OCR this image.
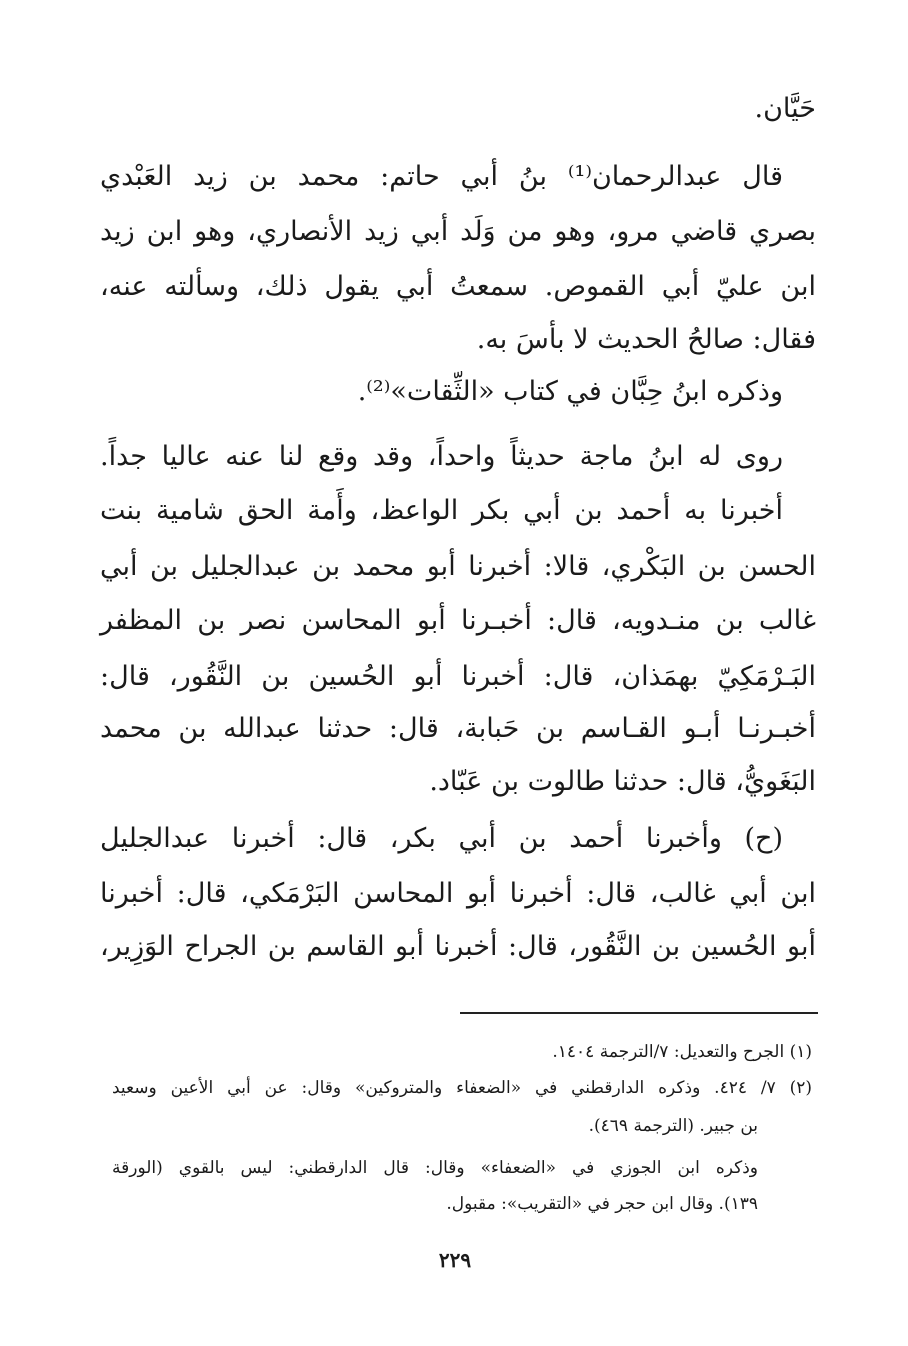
حَيَّان.
قال عبدالرحمان⁽¹⁾ بنُ أبي حاتم: محمد بن زيد العَبْدي
بصري قاضي مرو، وهو من وَلَد أبي زيد الأنصاري، وهو ابن زيد
ابن عليّ أبي القموص. سمعتُ أبي يقول ذلك، وسألته عنه،
فقال: صالحُ الحديث لا بأسَ به.
وذكره ابنُ حِبَّان في كتاب «الثِّقات»⁽²⁾.
روى له ابنُ ماجة حديثاً واحداً، وقد وقع لنا عنه عاليا جداً.
أخبرنا به أحمد بن أبي بكر الواعظ، وأَمة الحق شامية بنت
الحسن بن البَكْري، قالا: أخبرنا أبو محمد بن عبدالجليل بن أبي
غالب بن منـدويه، قال: أخبـرنا أبو المحاسن نصر بن المظفر
البَـرْمَكِيّ بهمَذان، قال: أخبرنا أبو الحُسين بن النَّقُور، قال:
أخبـرنـا أبـو القـاسم بن حَبابة، قال: حدثنا عبدالله بن محمد
البَغَويُّ، قال: حدثنا طالوت بن عَبّاد.
(ح) وأخبرنا أحمد بن أبي بكر، قال: أخبرنا عبدالجليل
ابن أبي غالب، قال: أخبرنا أبو المحاسن البَرْمَكي، قال: أخبرنا
أبو الحُسين بن النَّقُور، قال: أخبرنا أبو القاسم بن الجراح الوَزِير،
(١) الجرح والتعديل: ٧/الترجمة ١٤٠٤.
(٢) ٧/ ٤٢٤. وذكره الدارقطني في «الضعفاء والمتروكين» وقال: عن أبي الأعين وسعيد
بن جبير. (الترجمة ٤٦٩).
وذكره ابن الجوزي في «الضعفاء» وقال: قال الدارقطني: ليس بالقوي (الورقة
١٣٩). وقال ابن حجر في «التقريب»: مقبول.
٢٢٩
